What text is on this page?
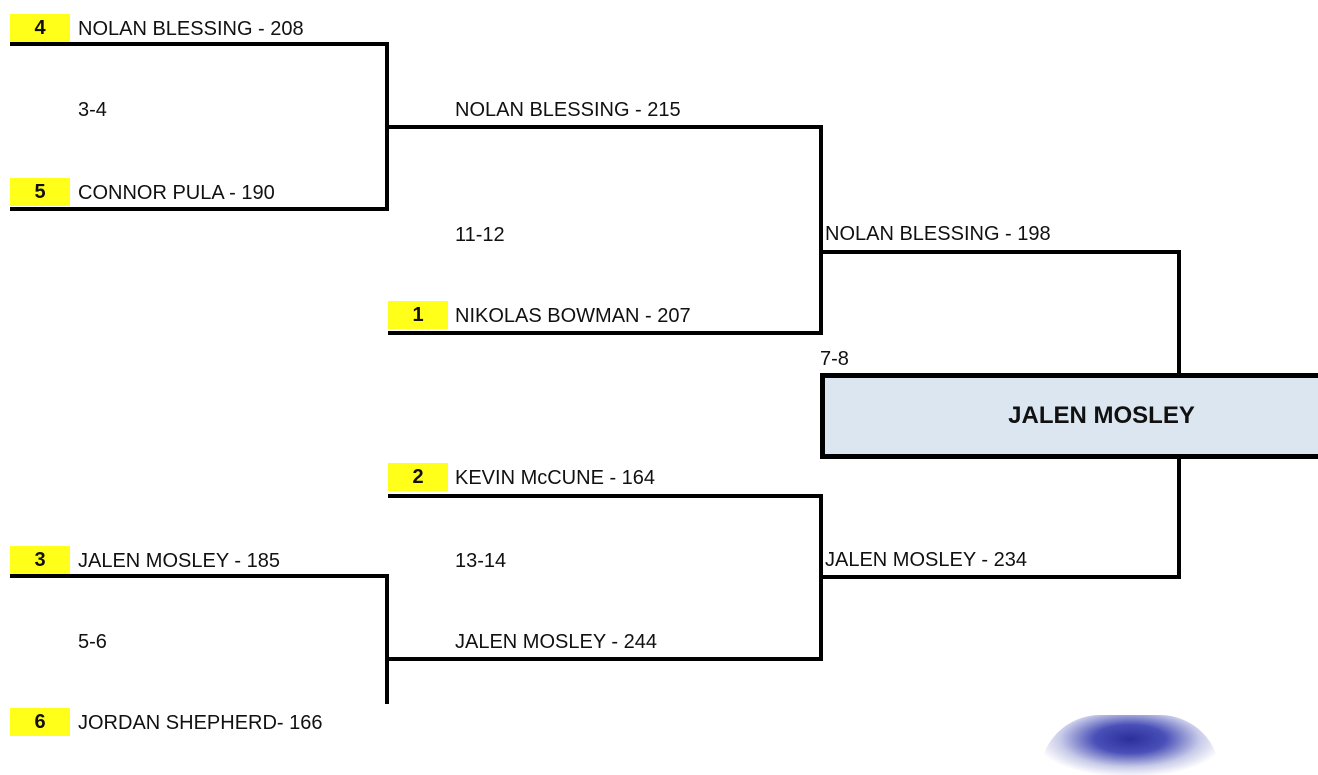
4	NOLAN BLESSING - 208
3-4
5	CONNOR PULA - 190
NOLAN BLESSING - 215
11-12
1	NIKOLAS BOWMAN - 207
NOLAN BLESSING - 198
7-8
JALEN MOSLEY
JALEN MOSLEY - 234
2	KEVIN McCUNE - 164
13-14
JALEN MOSLEY - 244
3	JALEN MOSLEY - 185
5-6
6	JORDAN SHEPHERD- 166
